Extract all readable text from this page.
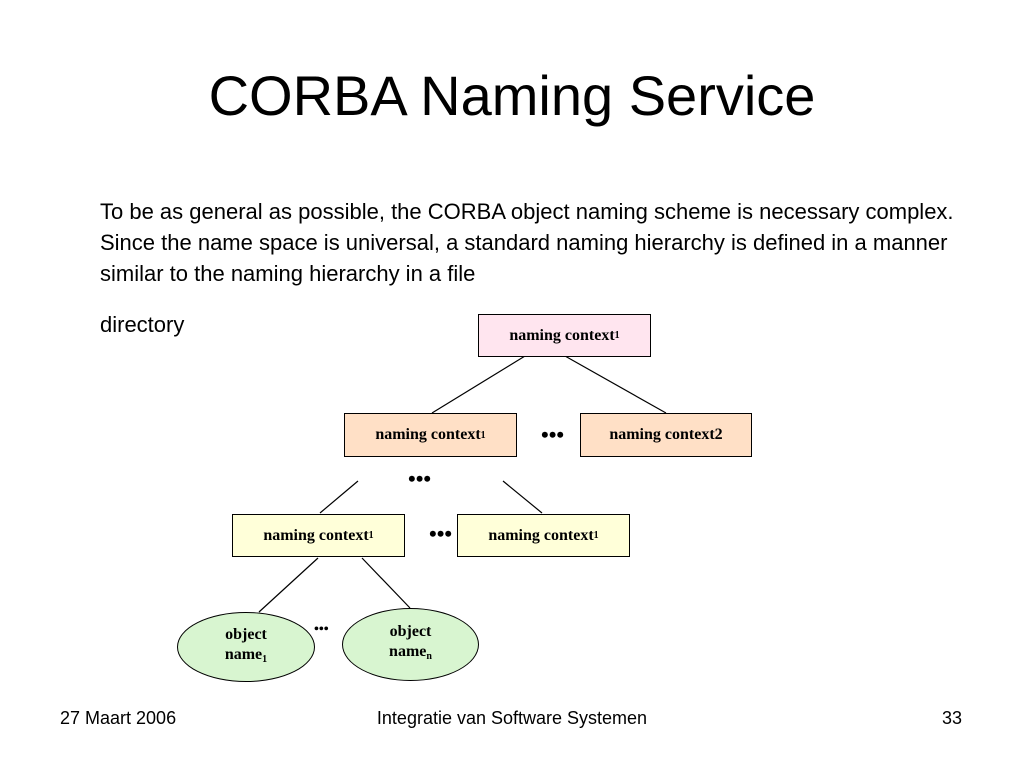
CORBA Naming Service
To be as general as possible, the CORBA object naming scheme is necessary complex. Since the name space is universal, a standard naming hierarchy is defined in a manner similar to the naming hierarchy in a file
directory	naming context 1
naming context 1	•••	naming context2
•••
naming context 1	••• naming context 1
object
name$_1$
•••	object
name$_n$
27 Maart 2006	Integratie van Software Systemen	33
